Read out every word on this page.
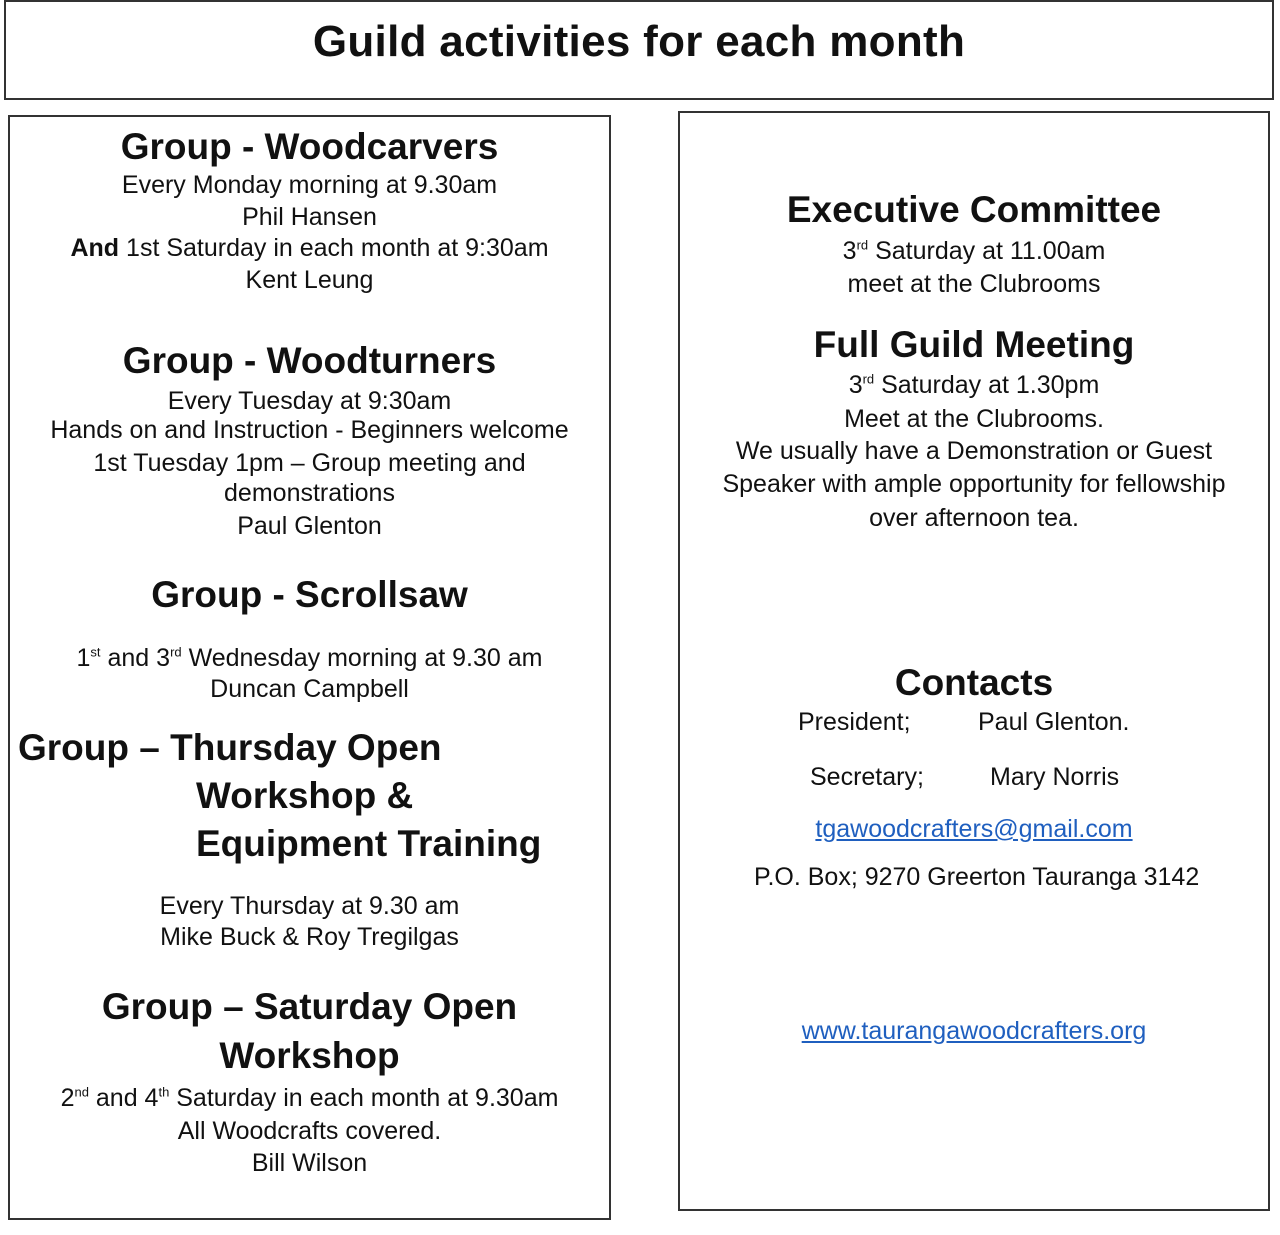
Guild activities for each month
Group - Woodcarvers
Every Monday morning at 9.30am
Phil Hansen
And 1st Saturday in each month at 9:30am
Kent Leung
Group - Woodturners
Every Tuesday at 9:30am
Hands on and Instruction - Beginners welcome
1st Tuesday 1pm – Group meeting and
demonstrations
Paul Glenton
Group - Scrollsaw
1st and 3rd Wednesday morning at 9.30 am
Duncan Campbell
Group – Thursday Open
Workshop &
Equipment Training
Every Thursday at 9.30 am
Mike Buck & Roy Tregilgas
Group – Saturday Open
Workshop
2nd and 4th Saturday in each month at 9.30am
All Woodcrafts covered.
Bill Wilson
Executive Committee
3rd Saturday at 11.00am
meet at the Clubrooms
Full Guild Meeting
3rd Saturday at 1.30pm
Meet at the Clubrooms.
We usually have a Demonstration or Guest
Speaker with ample opportunity for fellowship
over afternoon tea.
Contacts
President;	Paul Glenton.
Secretary;	Mary Norris
tgawoodcrafters@gmail.com
P.O. Box; 9270 Greerton Tauranga 3142
www.taurangawoodcrafters.org
